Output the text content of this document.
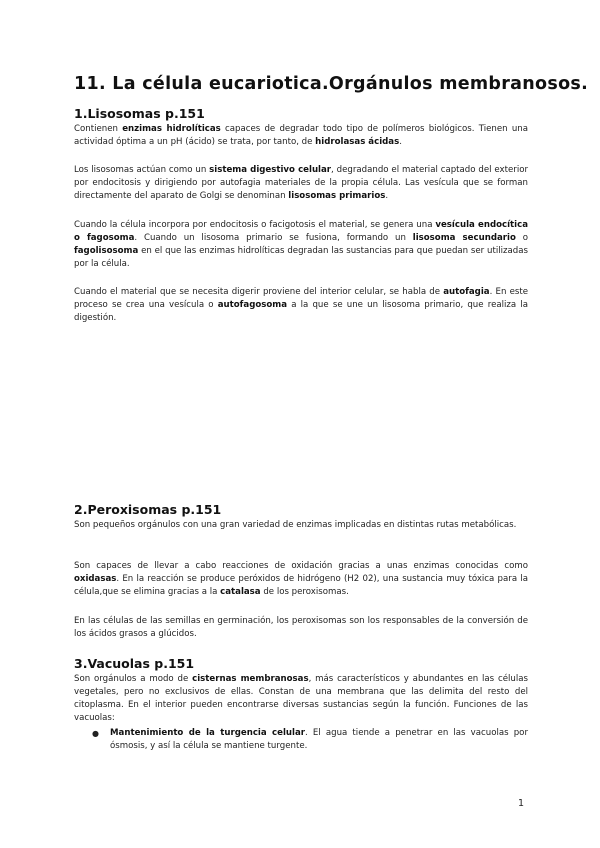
11. La célula eucariotica.Orgánulos membranosos.
1.Lisosomas p.151

Contienen enzimas hidrolíticas capaces de degradar todo tipo de polímeros biológicos. Tienen una actividad óptima a un pH (ácido) se trata, por tanto, de hidrolasas ácidas.

Los lisosomas actúan como un sistema digestivo celular, degradando el material captado del exterior por endocitosis y dirigiendo por autofagia materiales de la propia célula. Las vesícula que se forman directamente del aparato de Golgi se denominan lisosomas primarios.

Cuando la célula incorpora por endocitosis o facigotosis el material, se genera una vesícula endocítica o fagosoma. Cuando un lisosoma primario se fusiona, formando un lisosoma secundario o fagolisosoma en el que las enzimas hidrolíticas degradan las sustancias para que puedan ser utilizadas por la célula.

Cuando el material que se necesita digerir proviene del interior celular, se habla de autofagia. En este proceso se crea una vesícula o autofagosoma a la que se une un lisosoma primario, que realiza la digestión.

2.Peroxisomas p.151

Son pequeños orgánulos con una gran variedad de enzimas implicadas en distintas rutas metabólicas.

Son capaces de llevar a cabo reacciones de oxidación gracias a unas enzimas conocidas como oxidasas. En la reacción se produce peróxidos de hidrógeno (H2 02), una sustancia muy tóxica para la célula,que se elimina gracias a la catalasa de los peroxisomas.

En las células de las semillas en germinación, los peroxisomas son los responsables de la conversión de los ácidos grasos a glúcidos.

3.Vacuolas p.151

Son orgánulos a modo de cisternas membranosas, más característicos y abundantes en las células vegetales, pero no exclusivos de ellas. Constan de una membrana que las delimita del resto del citoplasma. En el interior pueden encontrarse diversas sustancias según la función. Funciones de las vacuolas:

● Mantenimiento de la turgencia celular. El agua tiende a penetrar en las vacuolas por ósmosis, y así la célula se mantiene turgente.
1
